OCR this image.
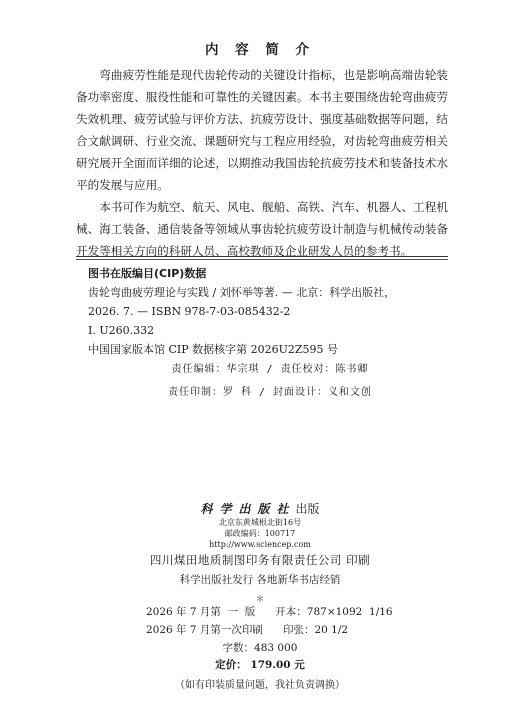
内 容 简 介

弯曲疲劳性能是现代齿轮传动的关键设计指标，也是影响高端齿轮装备功率密度、服役性能和可靠性的关键因素。本书主要围绕齿轮弯曲疲劳失效机理、疲劳试验与评价方法、抗疲劳设计、强度基础数据等问题，结合文献调研、行业交流、课题研究与工程应用经验，对齿轮弯曲疲劳相关研究展开全面而详细的论述，以期推动我国齿轮抗疲劳技术和装备技术水平的发展与应用。

本书可作为航空、航天、风电、舰船、高铁、汽车、机器人、工程机械、海工装备、通信装备等领域从事齿轮抗疲劳设计制造与机械传动装备开发等相关方向的科研人员、高校教师及企业研发人员的参考书。

图书在版编目(CIP)数据
齿轮弯曲疲劳理论与实践 / 刘怀举等著. — 北京：科学出版社，
2026. 7. — ISBN 978-7-03-085432-2
Ⅰ. U260.332
中国国家版本馆 CIP 数据核字第 2026U2Z595 号
责任编辑：华宗琪 / 责任校对：陈书卿
责任印制：罗 科 / 封面设计：义和文创
科学出版社出版
北京东黄城根北街16号
邮政编码：100717
http://www.sciencep.com
四川煤田地质制图印务有限责任公司 印刷
科学出版社发行 各地新华书店经销
＊
2026 年 7 月第  一  版      开本：787×1092  1/16
2026 年 7 月第一次印刷      印张：20 1/2
字数：483 000
定价： 179.00 元
（如有印装质量问题，我社负责调换）
